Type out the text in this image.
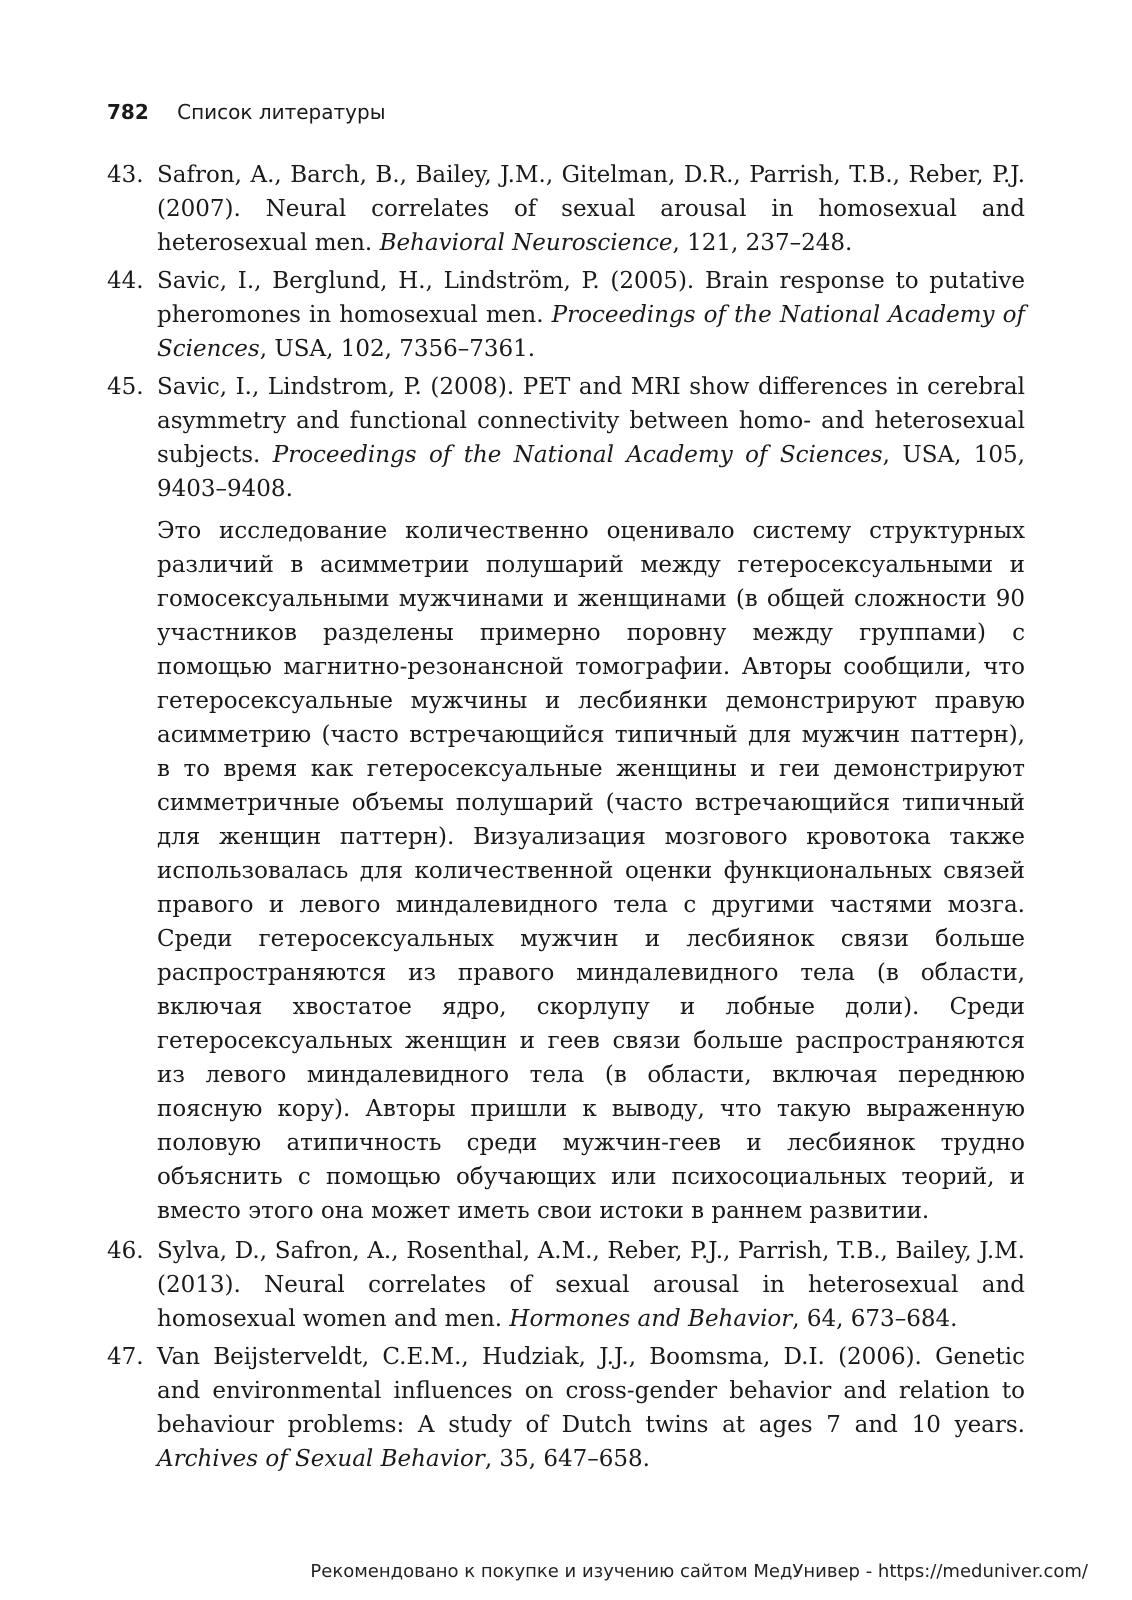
782 Список литературы
43. Safron, A., Barch, B., Bailey, J.M., Gitelman, D.R., Parrish, T.B., Reber, P.J. (2007). Neural correlates of sexual arousal in homosexual and heterosexual men. Behavioral Neuroscience, 121, 237–248.
44. Savic, I., Berglund, H., Lindström, P. (2005). Brain response to putative pheromones in homosexual men. Proceedings of the National Academy of Sciences, USA, 102, 7356–7361.
45. Savic, I., Lindstrom, P. (2008). PET and MRI show differences in cerebral asymmetry and functional connectivity between homo- and heterosexual subjects. Proceedings of the National Academy of Sciences, USA, 105, 9403–9408.
Это исследование количественно оценивало систему структурных различий в асимметрии полушарий между гетеросексуальными и гомосексуальными мужчинами и женщинами (в общей сложности 90 участников разделены примерно поровну между группами) с помощью магнитно-резонансной томографии. Авторы сообщили, что гетеросексуальные мужчины и лесбиянки демонстрируют правую асимметрию (часто встречающийся типичный для мужчин паттерн), в то время как гетеросексуальные женщины и геи демонстрируют симметричные объемы полушарий (часто встречающийся типичный для женщин паттерн). Визуализация мозгового кровотока также использовалась для количественной оценки функциональных связей правого и левого миндалевидного тела с другими частями мозга. Среди гетеросексуальных мужчин и лесбиянок связи больше распространяются из правого миндалевидного тела (в области, включая хвостатое ядро, скорлупу и лобные доли). Среди гетеросексуальных женщин и геев связи больше распространяются из левого миндалевидного тела (в области, включая переднюю поясную кору). Авторы пришли к выводу, что такую выраженную половую атипичность среди мужчин-геев и лесбиянок трудно объяснить с помощью обучающих или психосоциальных теорий, и вместо этого она может иметь свои истоки в раннем развитии.
46. Sylva, D., Safron, A., Rosenthal, A.M., Reber, P.J., Parrish, T.B., Bailey, J.M. (2013). Neural correlates of sexual arousal in heterosexual and homosexual women and men. Hormones and Behavior, 64, 673–684.
47. Van Beijsterveldt, C.E.M., Hudziak, J.J., Boomsma, D.I. (2006). Genetic and environmental influences on cross-gender behavior and relation to behaviour problems: A study of Dutch twins at ages 7 and 10 years. Archives of Sexual Behavior, 35, 647–658.
Рекомендовано к покупке и изучению сайтом МедУнивер - https://meduniver.com/
